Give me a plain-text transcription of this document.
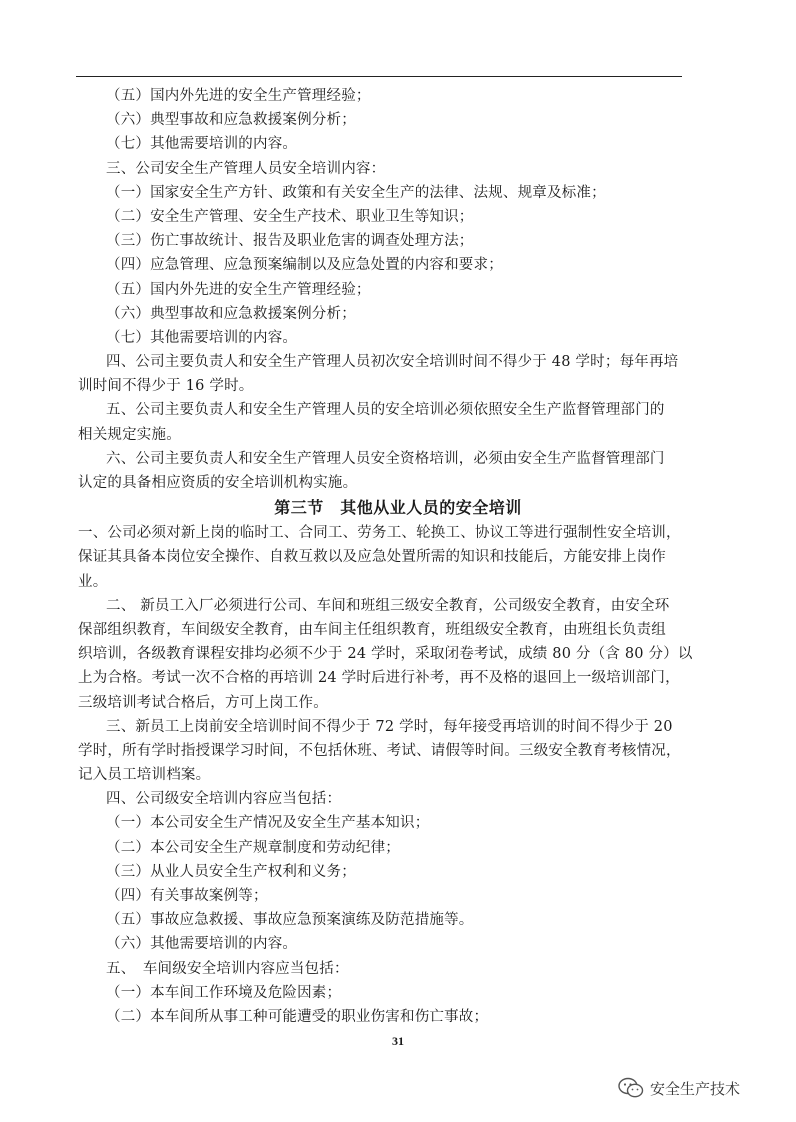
（五）国内外先进的安全生产管理经验；
（六）典型事故和应急救援案例分析；
（七）其他需要培训的内容。
三、公司安全生产管理人员安全培训内容：
（一）国家安全生产方针、政策和有关安全生产的法律、法规、规章及标准；
（二）安全生产管理、安全生产技术、职业卫生等知识；
（三）伤亡事故统计、报告及职业危害的调查处理方法；
（四）应急管理、应急预案编制以及应急处置的内容和要求；
（五）国内外先进的安全生产管理经验；
（六）典型事故和应急救援案例分析；
（七）其他需要培训的内容。
四、公司主要负责人和安全生产管理人员初次安全培训时间不得少于 48 学时；每年再培
训时间不得少于 16 学时。
五、公司主要负责人和安全生产管理人员的安全培训必须依照安全生产监督管理部门的
相关规定实施。
六、公司主要负责人和安全生产管理人员安全资格培训，必须由安全生产监督管理部门
认定的具备相应资质的安全培训机构实施。
第三节　其他从业人员的安全培训
一、公司必须对新上岗的临时工、合同工、劳务工、轮换工、协议工等进行强制性安全培训，
保证其具备本岗位安全操作、自救互救以及应急处置所需的知识和技能后，方能安排上岗作
业。
二、 新员工入厂必须进行公司、车间和班组三级安全教育，公司级安全教育，由安全环
保部组织教育，车间级安全教育，由车间主任组织教育，班组级安全教育，由班组长负责组
织培训，各级教育课程安排均必须不少于 24 学时，采取闭卷考试，成绩 80 分（含 80 分）以
上为合格。考试一次不合格的再培训 24 学时后进行补考，再不及格的退回上一级培训部门，
三级培训考试合格后，方可上岗工作。
三、新员工上岗前安全培训时间不得少于 72 学时，每年接受再培训的时间不得少于 20
学时，所有学时指授课学习时间，不包括休班、考试、请假等时间。三级安全教育考核情况，
记入员工培训档案。
四、公司级安全培训内容应当包括：
（一）本公司安全生产情况及安全生产基本知识；
（二）本公司安全生产规章制度和劳动纪律；
（三）从业人员安全生产权利和义务；
（四）有关事故案例等；
（五）事故应急救援、事故应急预案演练及防范措施等。
（六）其他需要培训的内容。
五、　车间级安全培训内容应当包括：
（一）本车间工作环境及危险因素；
（二）本车间所从事工种可能遭受的职业伤害和伤亡事故；
31
安全生产技术
